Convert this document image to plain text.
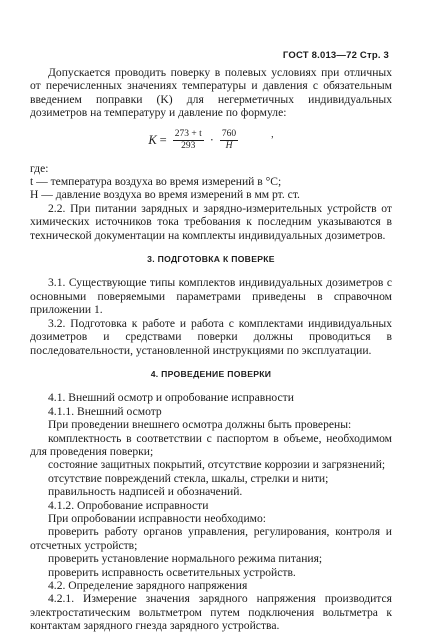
ГОСТ 8.013—72 Стр. 3

Допускается проводить поверку в полевых условиях при отличных от перечисленных значениях температуры и давления с обязательным введением поправки (K) для негерметичных индивидуальных дозиметров на температуру и давление по формуле:

$K = \frac{273 + t}{293} \cdot \frac{760}{H}$	,

где:

t — температура воздуха во время измерений в °С;

H — давление воздуха во время измерений в мм рт. ст.

2.2. При питании зарядных и зарядно-измерительных устройств от химических источников тока требования к последним указываются в технической документации на комплекты индивидуальных дозиметров.

3. ПОДГОТОВКА К ПОВЕРКЕ

3.1. Существующие типы комплектов индивидуальных дозиметров с основными поверяемыми параметрами приведены в справочном приложении 1.

3.2. Подготовка к работе и работа с комплектами индивидуальных дозиметров и средствами поверки должны проводиться в последовательности, установленной инструкциями по эксплуатации.

4. ПРОВЕДЕНИЕ ПОВЕРКИ

4.1. Внешний осмотр и опробование исправности

4.1.1. Внешний осмотр

При проведении внешнего осмотра должны быть проверены:

комплектность в соответствии с паспортом в объеме, необходимом для проведения поверки;

состояние защитных покрытий, отсутствие коррозии и загрязнений;

отсутствие повреждений стекла, шкалы, стрелки и нити;

правильность надписей и обозначений.

4.1.2. Опробование исправности

При опробовании исправности необходимо:

проверить работу органов управления, регулирования, контроля и отсчетных устройств;

проверить установление нормального режима питания;

проверить исправность осветительных устройств.

4.2. Определение зарядного напряжения

4.2.1. Измерение значения зарядного напряжения производится электростатическим вольтметром путем подключения вольтметра к контактам зарядного гнезда зарядного устройства.
